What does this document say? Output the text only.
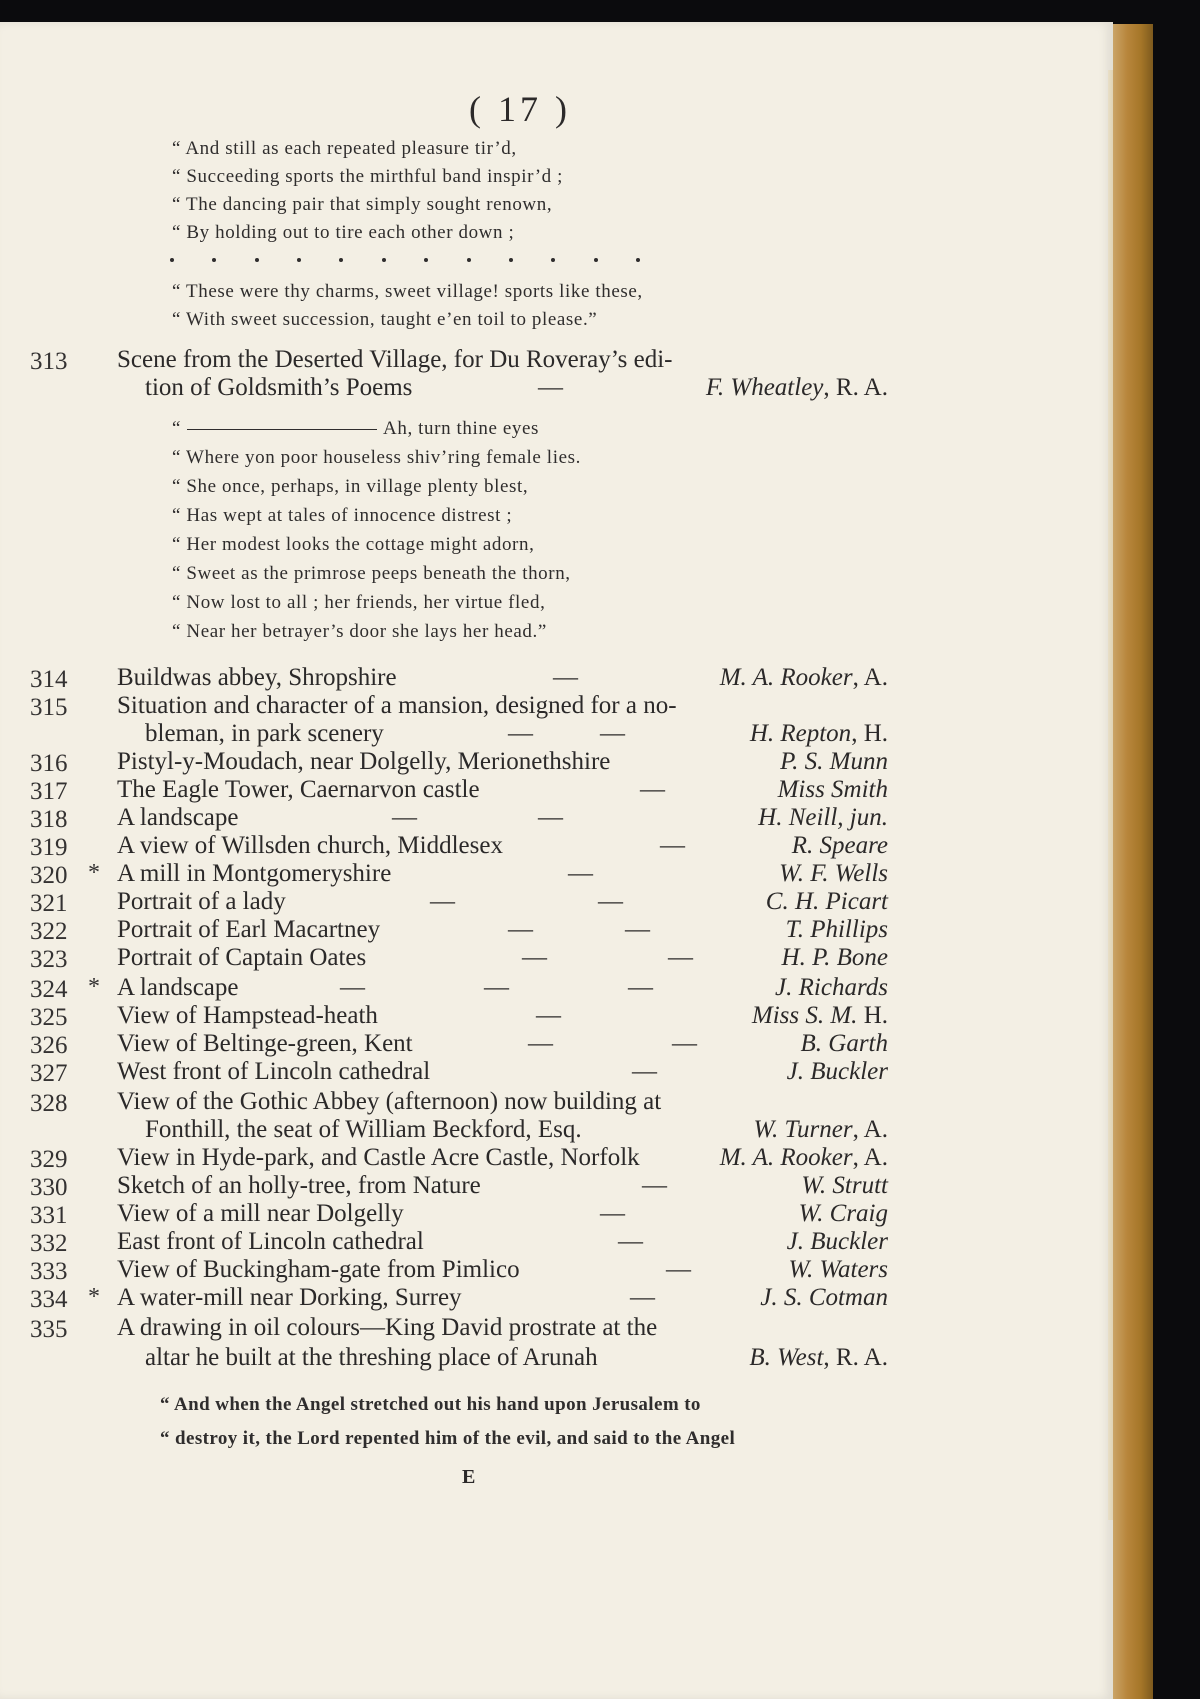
( 17 )
“ And still as each repeated pleasure tir’d,
“ Succeeding sports the mirthful band inspir’d ;
“ The dancing pair that simply sought renown,
“ By holding out to tire each other down ;
“ These were thy charms, sweet village! sports like these,
“ With sweet succession, taught e’en toil to please.”
313 Scene from the Deserted Village, for Du Roveray’s edi-
tion of Goldsmith’s Poems	—	F. Wheatley, R. A.
“	Ah, turn thine eyes
“ Where yon poor houseless shiv’ring female lies.
“ She once, perhaps, in village plenty blest,
“ Has wept at tales of innocence distrest ;
“ Her modest looks the cottage might adorn,
“ Sweet as the primrose peeps beneath the thorn,
“ Now lost to all ; her friends, her virtue fled,
“ Near her betrayer’s door she lays her head.”
314 Buildwas abbey, Shropshire	—	M. A. Rooker, A.
315 Situation and character of a mansion, designed for a no-
bleman, in park scenery	—	—	H. Repton, H.
316 Pistyl-y-Moudach, near Dolgelly, Merionethshire	P. S. Munn
317 The Eagle Tower, Caernarvon castle	—	Miss Smith
318 A landscape	—	—	H. Neill, jun.
319 A view of Willsden church, Middlesex	—	R. Speare
320 * A mill in Montgomeryshire	—	W. F. Wells
321 Portrait of a lady	—	—	C. H. Picart
322 Portrait of Earl Macartney	—	—	T. Phillips
323 Portrait of Captain Oates	—	—	H. P. Bone
324 * A landscape	—	—	—	J. Richards
325 View of Hampstead-heath	—	Miss S. M. H.
326 View of Beltinge-green, Kent	—	—	B. Garth
327 West front of Lincoln cathedral	—	J. Buckler
328 View of the Gothic Abbey (afternoon) now building at
Fonthill, the seat of William Beckford, Esq.	W. Turner, A.
329 View in Hyde-park, and Castle Acre Castle, Norfolk	M. A. Rooker, A.
330 Sketch of an holly-tree, from Nature	—	W. Strutt
331 View of a mill near Dolgelly	—	W. Craig
332 East front of Lincoln cathedral	—	J. Buckler
333 View of Buckingham-gate from Pimlico	—	W. Waters
334 * A water-mill near Dorking, Surrey	—	J. S. Cotman
335 A drawing in oil colours—King David prostrate at the
altar he built at the threshing place of Arunah	B. West, R. A.
“ And when the Angel stretched out his hand upon Jerusalem to
“ destroy it, the Lord repented him of the evil, and said to the Angel
E
